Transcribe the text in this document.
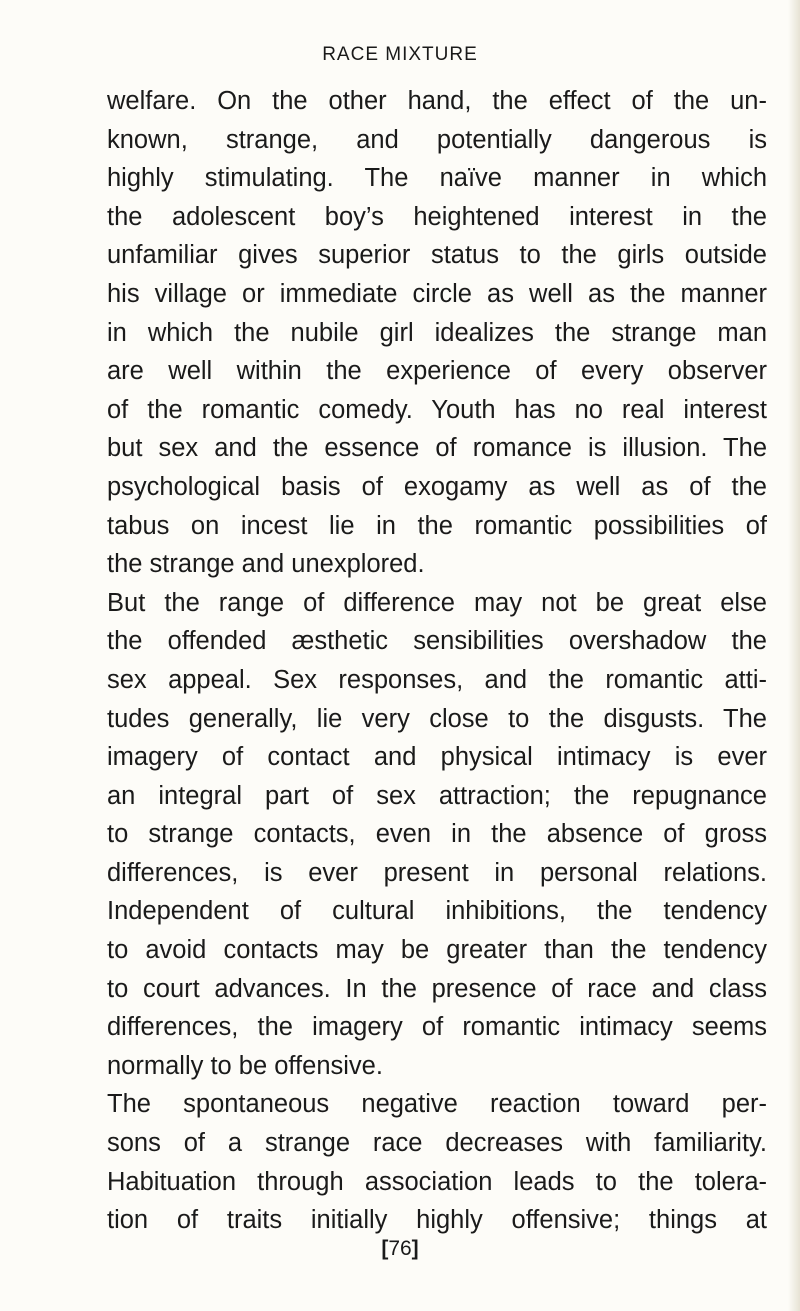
RACE MIXTURE
welfare. On the other hand, the effect of the un-
known, strange, and potentially dangerous is
highly stimulating. The naïve manner in which
the adolescent boy’s heightened interest in the
unfamiliar gives superior status to the girls outside
his village or immediate circle as well as the manner
in which the nubile girl idealizes the strange man
are well within the experience of every observer
of the romantic comedy. Youth has no real interest
but sex and the essence of romance is illusion. The
psychological basis of exogamy as well as of the
tabus on incest lie in the romantic possibilities of
the strange and unexplored.
But the range of difference may not be great else
the offended æsthetic sensibilities overshadow the
sex appeal. Sex responses, and the romantic atti-
tudes generally, lie very close to the disgusts. The
imagery of contact and physical intimacy is ever
an integral part of sex attraction; the repugnance
to strange contacts, even in the absence of gross
differences, is ever present in personal relations.
Independent of cultural inhibitions, the tendency
to avoid contacts may be greater than the tendency
to court advances. In the presence of race and class
differences, the imagery of romantic intimacy seems
normally to be offensive.
The spontaneous negative reaction toward per-
sons of a strange race decreases with familiarity.
Habituation through association leads to the tolera-
tion of traits initially highly offensive; things at
[76]
